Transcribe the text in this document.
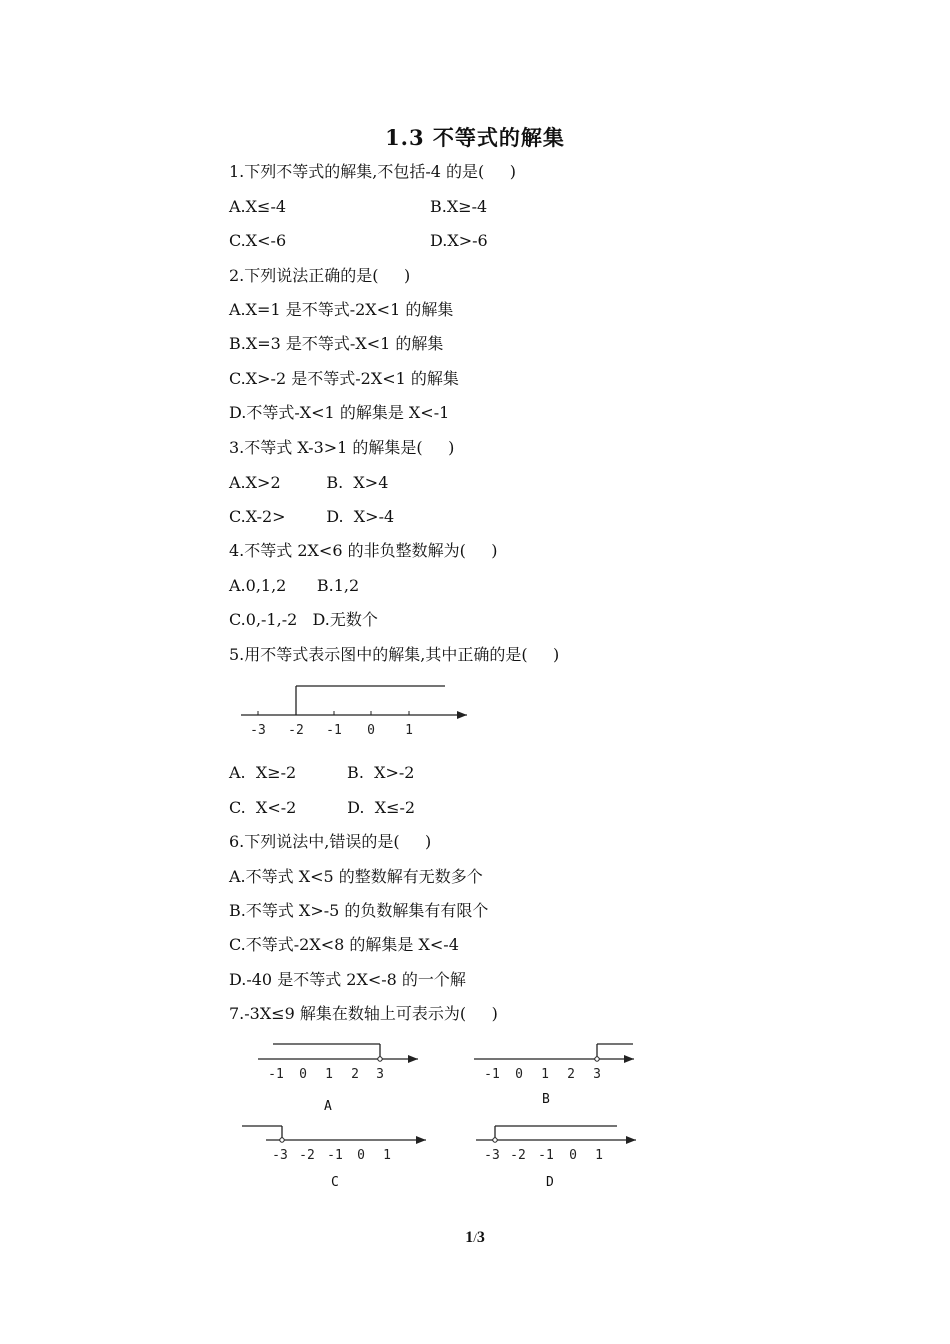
1.3 不等式的解集
1.下列不等式的解集,不包括-4 的是(     )
A.X≤-4	B.X≥-4
C.X<-6	D.X>-6
2.下列说法正确的是(     )
A.X=1 是不等式-2X<1 的解集
B.X=3 是不等式-X<1 的解集
C.X>-2 是不等式-2X<1 的解集
D.不等式-X<1 的解集是 X<-1
3.不等式 X-3>1 的解集是(     )
A.X>2         B.  X>4
C.X-2>        D.  X>-4
4.不等式 2X<6 的非负整数解为(     )
A.0,1,2      B.1,2
C.0,-1,-2   D.无数个
5.用不等式表示图中的解集,其中正确的是(     )
-3 -2 -1 0 1
A.  X≥-2          B.  X>-2
C.  X<-2          D.  X≤-2
6.下列说法中,错误的是(     )
A.不等式 X<5 的整数解有无数多个
B.不等式 X>-5 的负数解集有有限个
C.不等式-2X<8 的解集是 X<-4
D.-40 是不等式 2X<-8 的一个解
7.-3X≤9 解集在数轴上可表示为(     )
-1 0 1 2 3
A
-1 0 1 2 3
B
-3 -2 -1 0 1
C
-3 -2 -1 0 1
D
1/3
